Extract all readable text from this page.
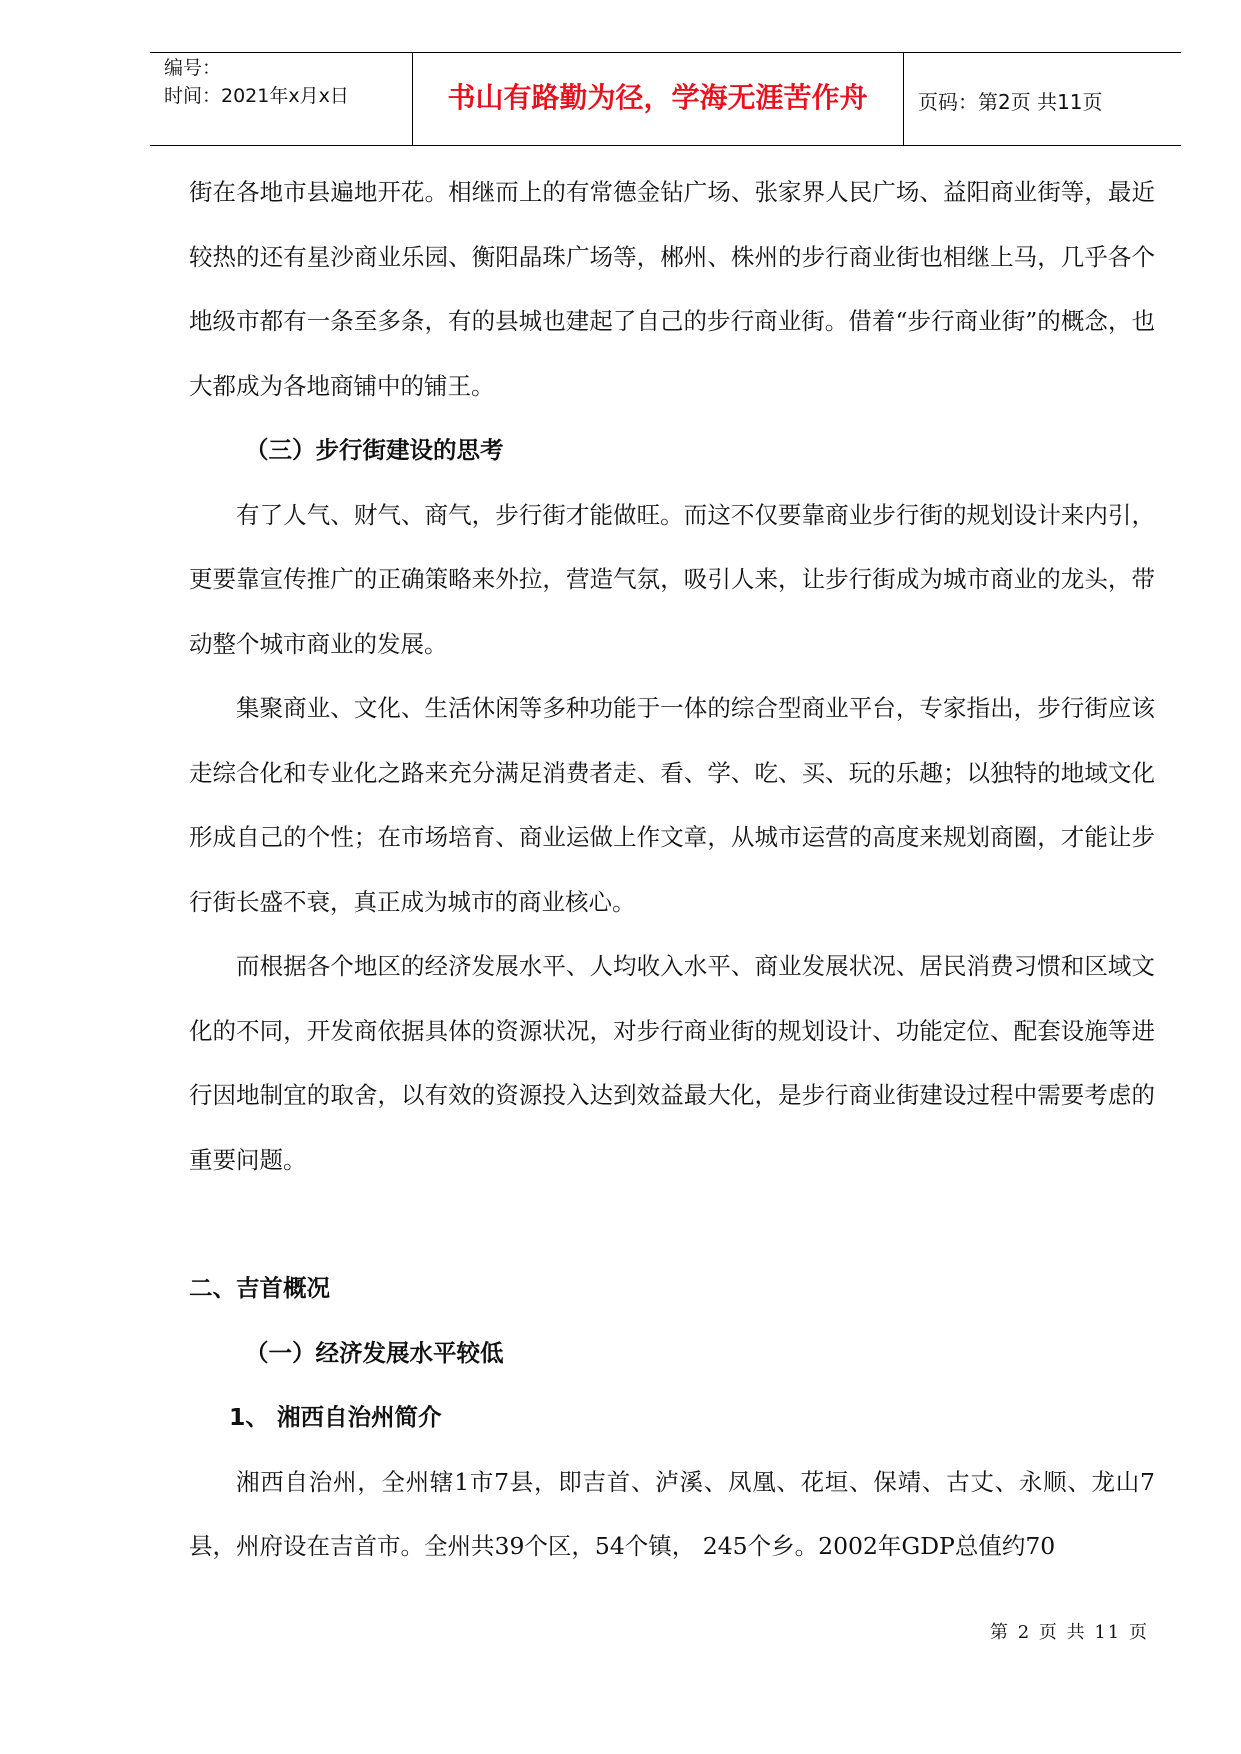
编号：
时间：2021年x月x日	书山有路勤为径，学海无涯苦作舟	页码：第2页 共11页

街在各地市县遍地开花。相继而上的有常德金钻广场、张家界人民广场、益阳商业街等，最近较热的还有星沙商业乐园、衡阳晶珠广场等，郴州、株州的步行商业街也相继上马，几乎各个地级市都有一条至多条，有的县城也建起了自己的步行商业街。借着“步行商业街”的概念，也大都成为各地商铺中的铺王。

（三）步行街建设的思考

有了人气、财气、商气，步行街才能做旺。而这不仅要靠商业步行街的规划设计来内引，更要靠宣传推广的正确策略来外拉，营造气氛，吸引人来，让步行街成为城市商业的龙头，带动整个城市商业的发展。

集聚商业、文化、生活休闲等多种功能于一体的综合型商业平台，专家指出，步行街应该走综合化和专业化之路来充分满足消费者走、看、学、吃、买、玩的乐趣；以独特的地域文化形成自己的个性；在市场培育、商业运做上作文章，从城市运营的高度来规划商圈，才能让步行街长盛不衰，真正成为城市的商业核心。

而根据各个地区的经济发展水平、人均收入水平、商业发展状况、居民消费习惯和区域文化的不同，开发商依据具体的资源状况，对步行商业街的规划设计、功能定位、配套设施等进行因地制宜的取舍，以有效的资源投入达到效益最大化，是步行商业街建设过程中需要考虑的重要问题。

二、吉首概况

（一）经济发展水平较低

1、 湘西自治州简介

湘西自治州，全州辖1市7县，即吉首、泸溪、凤凰、花垣、保靖、古丈、永顺、龙山7县，州府设在吉首市。全州共39个区，54个镇， 245个乡。2002年GDP总值约70

第 2 页 共 11 页
